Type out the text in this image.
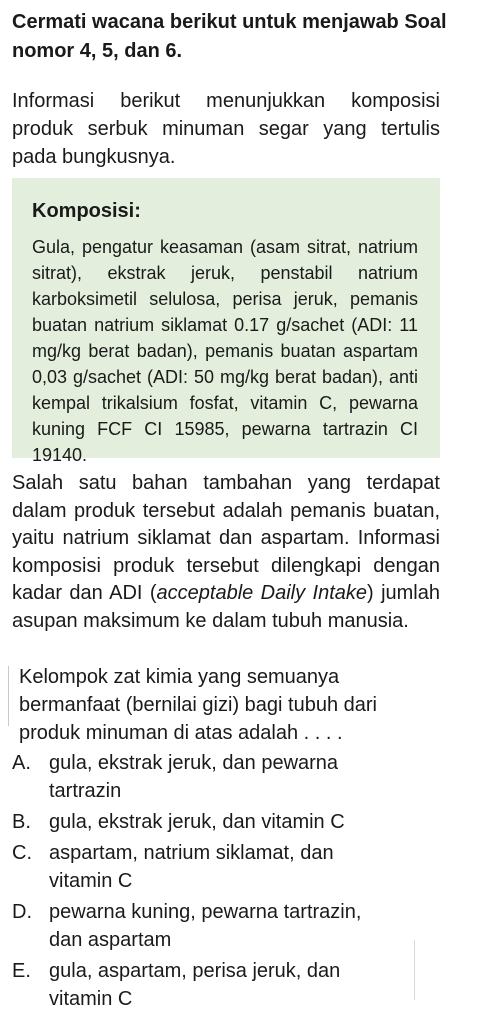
Cermati wacana berikut untuk menjawab Soal nomor 4, 5, dan 6.

Informasi berikut menunjukkan komposisi produk serbuk minuman segar yang tertulis pada bungkusnya.

Komposisi:

Gula, pengatur keasaman (asam sitrat, natrium sitrat), ekstrak jeruk, penstabil natrium karboksimetil selulosa, perisa jeruk, pemanis buatan natrium siklamat 0.17 g/sachet (ADI: 11 mg/kg berat badan), pemanis buatan aspartam 0,03 g/sachet (ADI: 50 mg/kg berat badan), anti kempal trikalsium fosfat, vitamin C, pewarna kuning FCF CI 15985, pewarna tartrazin CI 19140.

Salah satu bahan tambahan yang terdapat dalam produk tersebut adalah pemanis buatan, yaitu natrium siklamat dan aspartam. Informasi komposisi produk tersebut dilengkapi dengan kadar dan ADI (acceptable Daily Intake) jumlah asupan maksimum ke dalam tubuh manusia.

Kelompok zat kimia yang semuanya bermanfaat (bernilai gizi) bagi tubuh dari produk minuman di atas adalah . . . .

A. gula, ekstrak jeruk, dan pewarna tartrazin
B. gula, ekstrak jeruk, dan vitamin C
C. aspartam, natrium siklamat, dan vitamin C
D. pewarna kuning, pewarna tartrazin, dan aspartam
E. gula, aspartam, perisa jeruk, dan vitamin C
